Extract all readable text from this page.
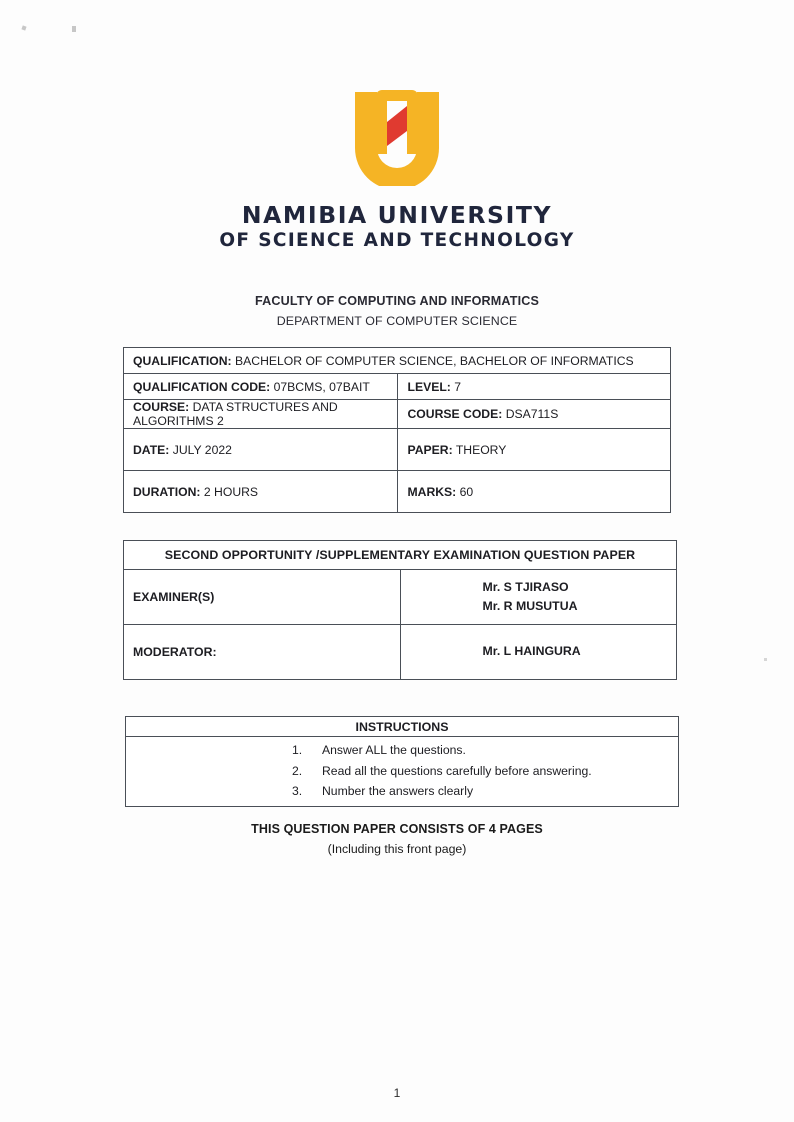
NAMIBIA UNIVERSITY
OF SCIENCE AND TECHNOLOGY
FACULTY OF COMPUTING AND INFORMATICS
DEPARTMENT OF COMPUTER SCIENCE
QUALIFICATION: BACHELOR OF COMPUTER SCIENCE, BACHELOR OF INFORMATICS	
QUALIFICATION CODE: 07BCMS, 07BAIT	LEVEL: 7
COURSE: DATA STRUCTURES AND ALGORITHMS 2	COURSE CODE: DSA711S
DATE: JULY 2022	PAPER: THEORY
DURATION: 2 HOURS	MARKS: 60
SECOND OPPORTUNITY /SUPPLEMENTARY EXAMINATION QUESTION PAPER	
EXAMINER(S)	Mr. S TJIRASO
Mr. R MUSUTUA

MODERATOR:	Mr. L HAINGURA
INSTRUCTIONS

Answer ALL the questions.
Read all the questions carefully before answering.
Number the answers clearly
THIS QUESTION PAPER CONSISTS OF 4 PAGES
(Including this front page)
1
